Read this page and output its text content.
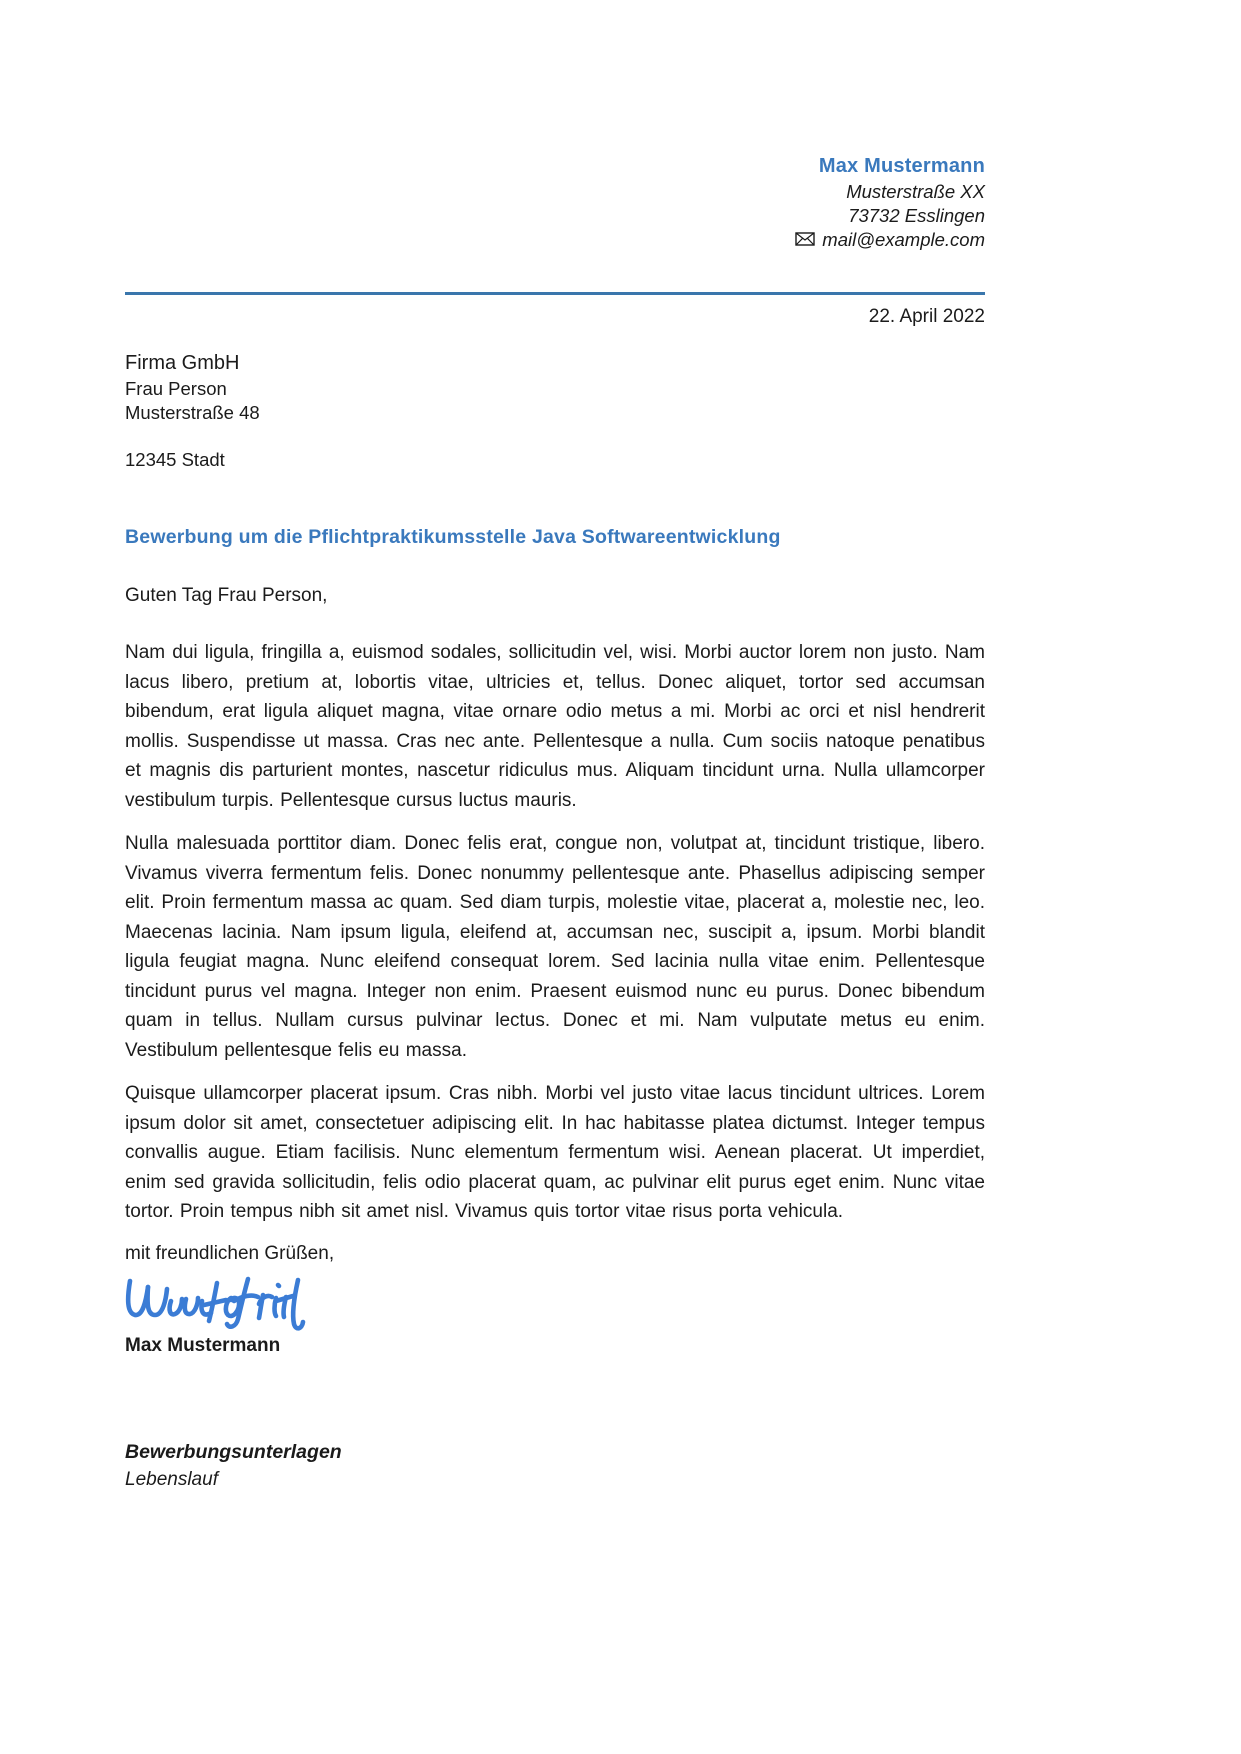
Max Mustermann
Musterstraße XX
73732 Esslingen
mail@example.com
22. April 2022
Firma GmbH
Frau Person
Musterstraße 48
12345 Stadt
Bewerbung um die Pflichtpraktikumsstelle Java Softwareentwicklung
Guten Tag Frau Person,

Nam dui ligula, fringilla a, euismod sodales, sollicitudin vel, wisi. Morbi auctor lorem non justo. Nam lacus libero, pretium at, lobortis vitae, ultricies et, tellus. Donec aliquet, tortor sed accumsan bibendum, erat ligula aliquet magna, vitae ornare odio metus a mi. Morbi ac orci et nisl hendrerit mollis. Suspendisse ut massa. Cras nec ante. Pellentesque a nulla. Cum sociis natoque penatibus et magnis dis parturient montes, nascetur ridiculus mus. Aliquam tincidunt urna. Nulla ullamcorper vestibulum turpis. Pellentesque cursus luctus mauris.

Nulla malesuada porttitor diam. Donec felis erat, congue non, volutpat at, tincidunt tristique, libero. Vivamus viverra fermentum felis. Donec nonummy pellentesque ante. Phasellus adipiscing semper elit. Proin fermentum massa ac quam. Sed diam turpis, molestie vitae, placerat a, molestie nec, leo. Maecenas lacinia. Nam ipsum ligula, eleifend at, accumsan nec, suscipit a, ipsum. Morbi blandit ligula feugiat magna. Nunc eleifend consequat lorem. Sed lacinia nulla vitae enim. Pellentesque tincidunt purus vel magna. Integer non enim. Praesent euismod nunc eu purus. Donec bibendum quam in tellus. Nullam cursus pulvinar lectus. Donec et mi. Nam vulputate metus eu enim. Vestibulum pellentesque felis eu massa.

Quisque ullamcorper placerat ipsum. Cras nibh. Morbi vel justo vitae lacus tincidunt ultrices. Lorem ipsum dolor sit amet, consectetuer adipiscing elit. In hac habitasse platea dictumst. Integer tempus convallis augue. Etiam facilisis. Nunc elementum fermentum wisi. Aenean placerat. Ut imperdiet, enim sed gravida sollicitudin, felis odio placerat quam, ac pulvinar elit purus eget enim. Nunc vitae tortor. Proin tempus nibh sit amet nisl. Vivamus quis tortor vitae risus porta vehicula.

mit freundlichen Grüßen,
Max Mustermann
Bewerbungsunterlagen
Lebenslauf
